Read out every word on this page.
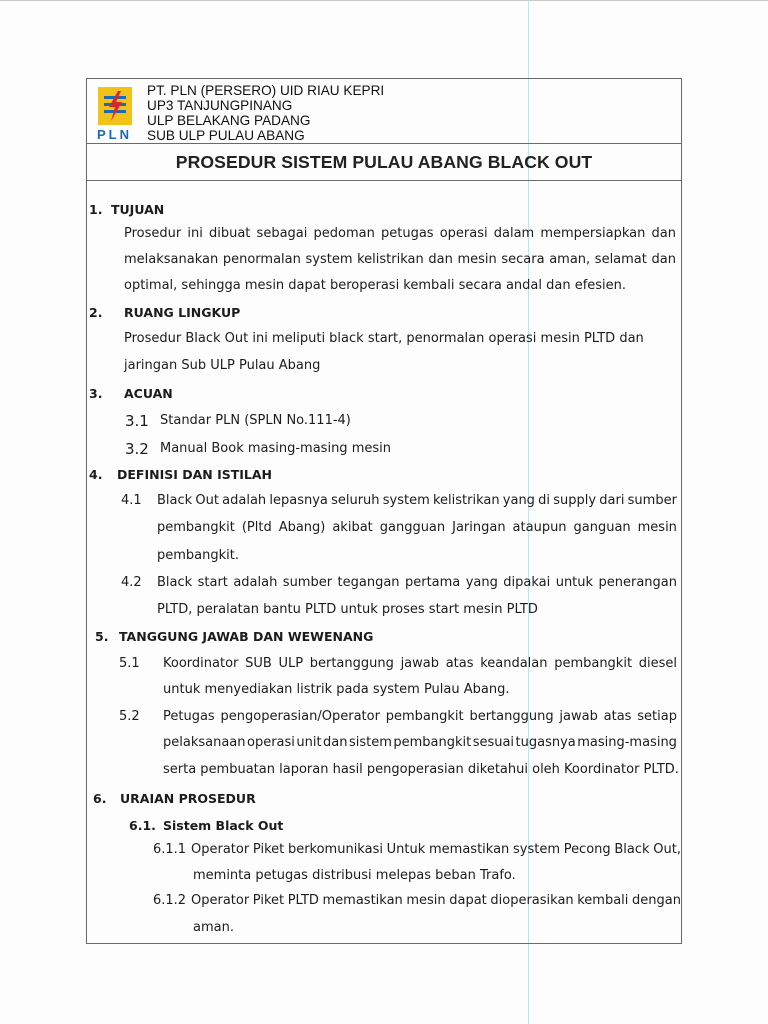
PLN
PT. PLN (PERSERO) UID RIAU KEPRI
UP3 TANJUNGPINANG
ULP BELAKANG PADANG
SUB ULP PULAU ABANG
PROSEDUR SISTEM PULAU ABANG BLACK OUT
1. TUJUAN
Prosedur ini dibuat sebagai pedoman petugas operasi dalam mempersiapkan dan
melaksanakan penormalan system kelistrikan dan mesin secara aman, selamat dan
optimal, sehingga mesin dapat beroperasi kembali secara andal dan efesien.
2. RUANG LINGKUP
Prosedur Black Out ini meliputi black start, penormalan operasi mesin PLTD dan
jaringan Sub ULP Pulau Abang
3. ACUAN
3.1 Standar PLN (SPLN No.111-4)
3.2 Manual Book masing-masing mesin
4. DEFINISI DAN ISTILAH
4.1 Black Out adalah lepasnya seluruh system kelistrikan yang di supply dari sumber
pembangkit (Pltd Abang) akibat gangguan Jaringan ataupun ganguan mesin
pembangkit.
4.2 Black start adalah sumber tegangan pertama yang dipakai untuk penerangan
PLTD, peralatan bantu PLTD untuk proses start mesin PLTD
5. TANGGUNG JAWAB DAN WEWENANG
5.1 Koordinator SUB ULP bertanggung jawab atas keandalan pembangkit diesel
untuk menyediakan listrik pada system Pulau Abang.
5.2 Petugas pengoperasian/Operator pembangkit bertanggung jawab atas setiap
pelaksanaan operasi unit dan sistem pembangkit sesuai tugasnya masing-masing
serta pembuatan laporan hasil pengoperasian diketahui oleh Koordinator PLTD.
6. URAIAN PROSEDUR
6.1. Sistem Black Out
6.1.1 Operator Piket berkomunikasi Untuk memastikan system Pecong Black Out,
meminta petugas distribusi melepas beban Trafo.
6.1.2 Operator Piket PLTD memastikan mesin dapat dioperasikan kembali dengan
aman.
